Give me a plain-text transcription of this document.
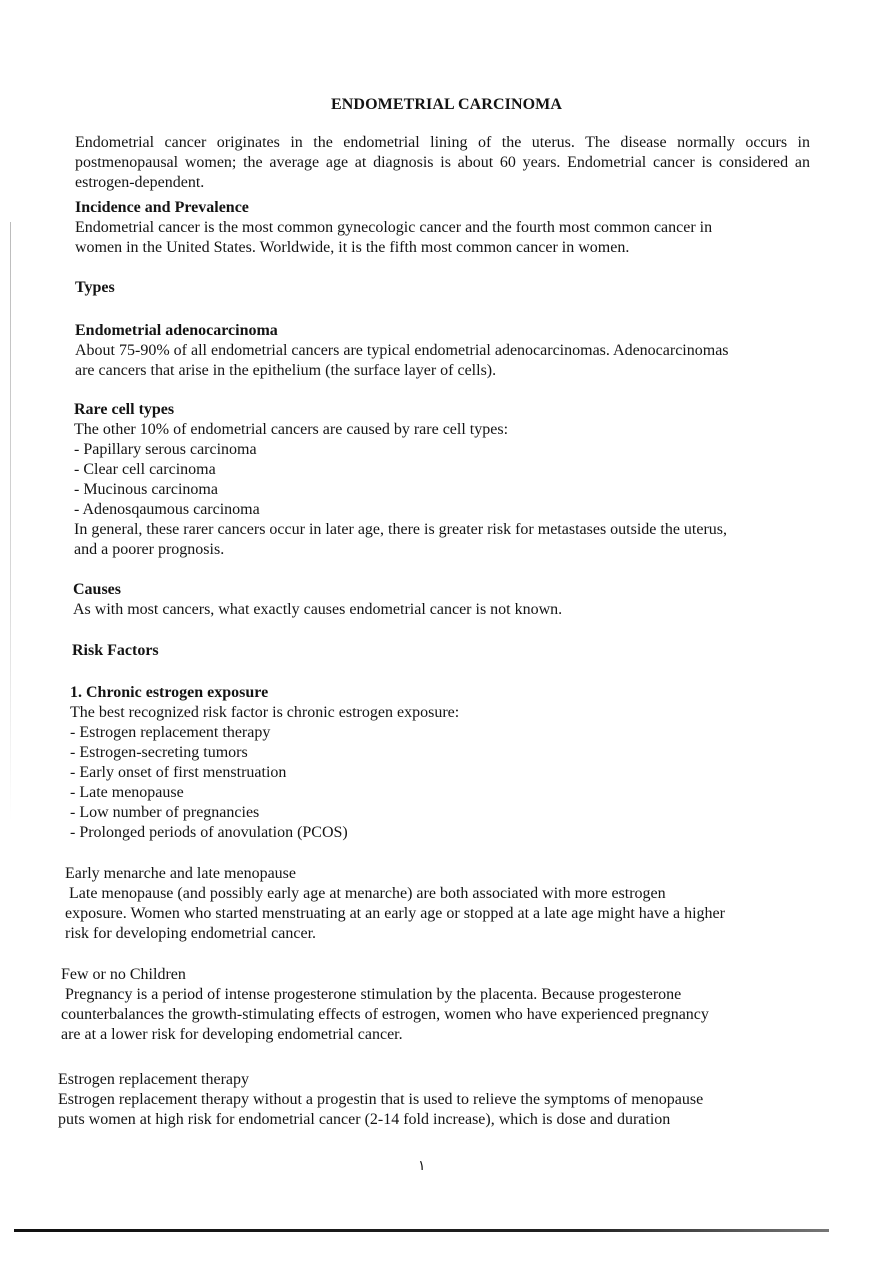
ENDOMETRIAL CARCINOMA
Endometrial cancer originates in the endometrial lining of the uterus. The disease normally occurs in postmenopausal women; the average age at diagnosis is about 60 years. Endometrial cancer is considered an estrogen-dependent.
Incidence and Prevalence
Endometrial cancer is the most common gynecologic cancer and the fourth most common cancer in
women in the United States. Worldwide, it is the fifth most common cancer in women.
Types
Endometrial adenocarcinoma
About 75-90% of all endometrial cancers are typical endometrial adenocarcinomas. Adenocarcinomas
are cancers that arise in the epithelium (the surface layer of cells).
Rare cell types
The other 10% of endometrial cancers are caused by rare cell types:
- Papillary serous carcinoma
- Clear cell carcinoma
- Mucinous carcinoma
- Adenosqaumous carcinoma
In general, these rarer cancers occur in later age, there is greater risk for metastases outside the uterus,
and a poorer prognosis.
Causes
As with most cancers, what exactly causes endometrial cancer is not known.
Risk Factors
1. Chronic estrogen exposure
The best recognized risk factor is chronic estrogen exposure:
- Estrogen replacement therapy
- Estrogen-secreting tumors
- Early onset of first menstruation
- Late menopause
- Low number of pregnancies
- Prolonged periods of anovulation (PCOS)
Early menarche and late menopause
Late menopause (and possibly early age at menarche) are both associated with more estrogen
exposure. Women who started menstruating at an early age or stopped at a late age might have a higher
risk for developing endometrial cancer.
Few or no Children
Pregnancy is a period of intense progesterone stimulation by the placenta. Because progesterone
counterbalances the growth-stimulating effects of estrogen, women who have experienced pregnancy
are at a lower risk for developing endometrial cancer.
Estrogen replacement therapy
Estrogen replacement therapy without a progestin that is used to relieve the symptoms of menopause
puts women at high risk for endometrial cancer (2-14 fold increase), which is dose and duration
١
